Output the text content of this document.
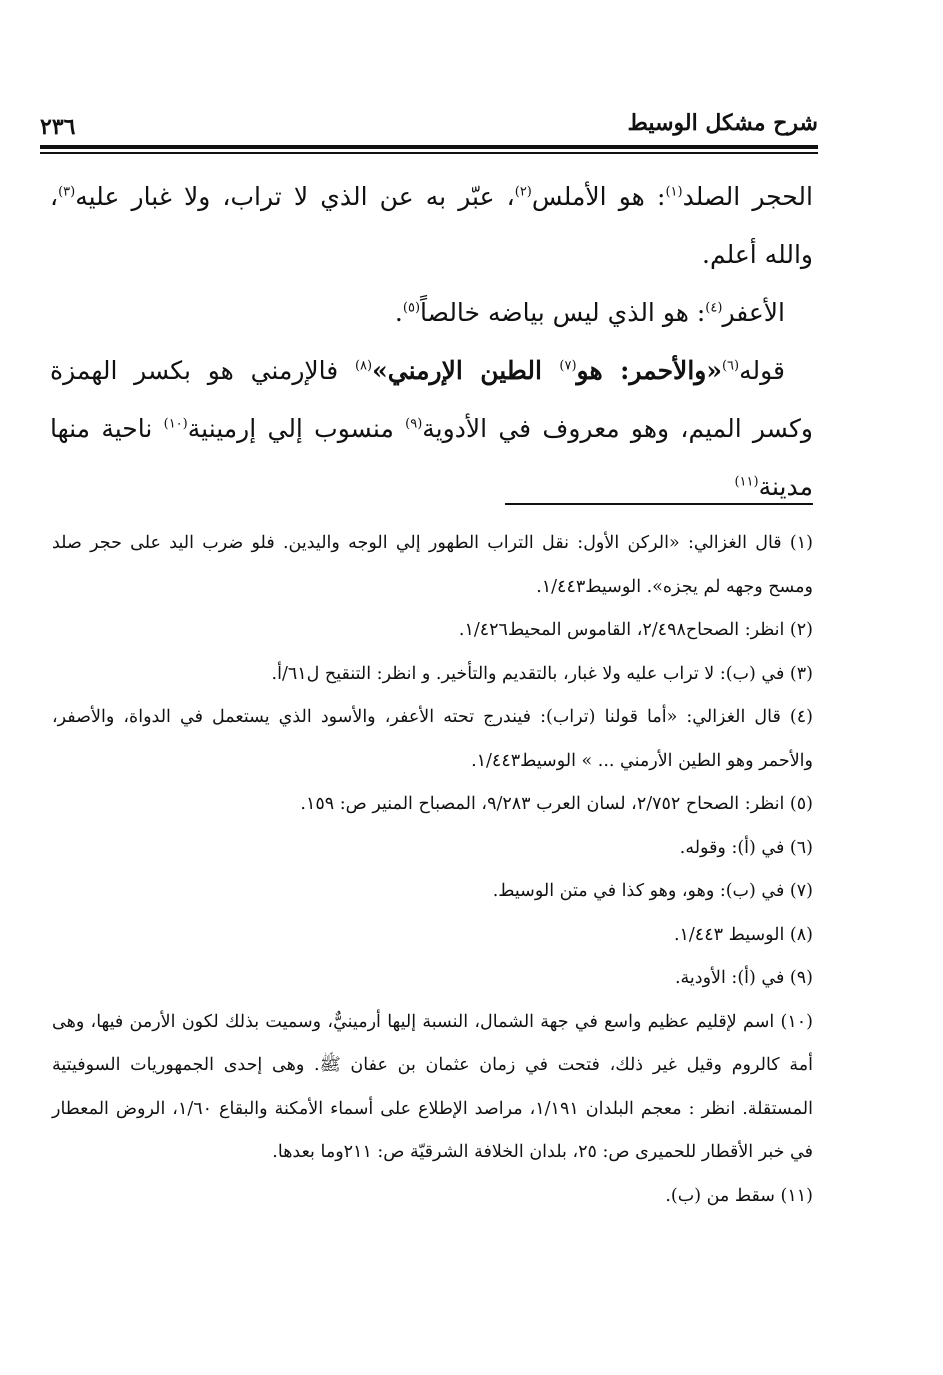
شرح مشكل الوسيط
٢٣٦

الحجر الصلد$^{(١)}$: هو الأملس$^{(٢)}$، عبّر به عن الذي لا تراب، ولا غبار عليه$^{(٣)}$، والله أعلم.

الأعفر$^{(٤)}$: هو الذي ليس بياضه خالصاً$^{(٥)}$.

قوله$^{(٦)}$«والأحمر: هو$^{(٧)}$ الطين الإرمني»$^{(٨)}$ فالإرمني هو بكسر الهمزة وكسر الميم، وهو معروف في الأدوية$^{(٩)}$ منسوب إلي إرمينية$^{(١٠)}$ ناحية منها مدينة$^{(١١)}$

(١) قال الغزالي: «الركن الأول: نقل التراب الطهور إلي الوجه واليدين. فلو ضرب اليد على حجر صلد ومسح وجهه لم يجزه». الوسيط١/٤٤٣.

(٢) انظر: الصحاح٢/٤٩٨، القاموس المحيط١/٤٢٦.

(٣) في (ب): لا تراب عليه ولا غبار، بالتقديم والتأخير. و انظر: التنقيح ل٦١/أ.

(٤) قال الغزالي: «أما قولنا (تراب): فيندرج تحته الأعفر، والأسود الذي يستعمل في الدواة، والأصفر، والأحمر وهو الطين الأرمني ... » الوسيط١/٤٤٣.

(٥) انظر: الصحاح ٢/٧٥٢، لسان العرب ٩/٢٨٣، المصباح المنير ص: ١٥٩.

(٦) في (أ): وقوله.

(٧) في (ب): وهو، وهو كذا في متن الوسيط.

(٨) الوسيط ١/٤٤٣.

(٩) في (أ): الأودية.

(١٠) اسم لإقليم عظيم واسع في جهة الشمال، النسبة إليها أرمينيٌّ، وسميت بذلك لكون الأرمن فيها، وهى أمة كالروم وقيل غير ذلك، فتحت في زمان عثمان بن عفان ﷺ. وهى إحدى الجمهوريات السوفيتية المستقلة. انظر : معجم البلدان ١/١٩١، مراصد الإطلاع على أسماء الأمكنة والبقاع ١/٦٠، الروض المعطار في خبر الأقطار للحميرى ص: ٢٥، بلدان الخلافة الشرقيّة ص: ٢١١وما بعدها.

(١١) سقط من (ب).
